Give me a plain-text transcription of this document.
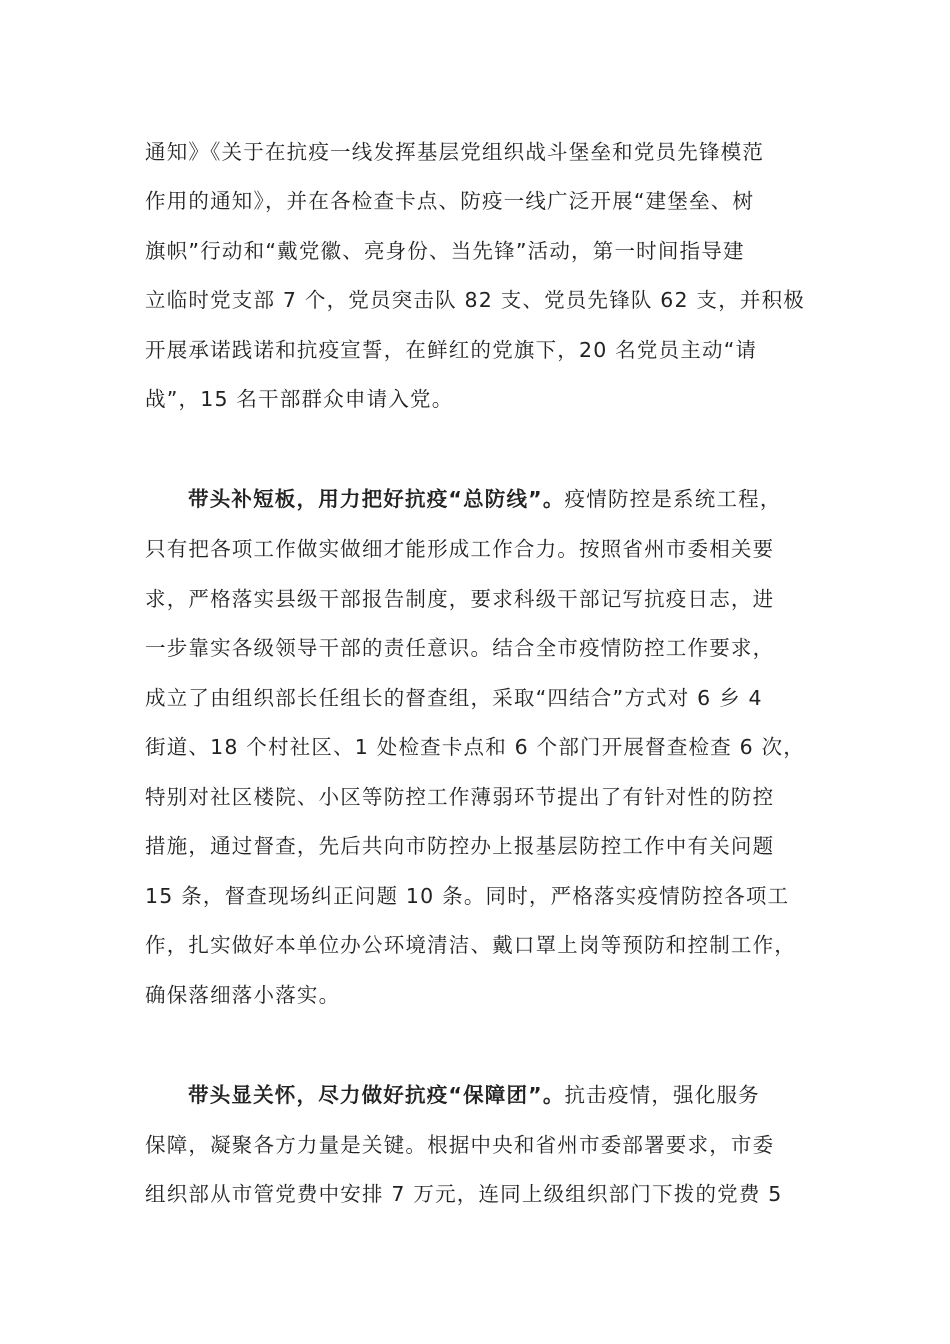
通知》《关于在抗疫一线发挥基层党组织战斗堡垒和党员先锋模范

作用的通知》，并在各检查卡点、防疫一线广泛开展“建堡垒、树

旗帜”行动和“戴党徽、亮身份、当先锋”活动，第一时间指导建

立临时党支部 7 个，党员突击队 82 支、党员先锋队 62 支，并积极

开展承诺践诺和抗疫宣誓，在鲜红的党旗下，20 名党员主动“请

战”，15 名干部群众申请入党。

带头补短板，用力把好抗疫“总防线”。疫情防控是系统工程，

只有把各项工作做实做细才能形成工作合力。按照省州市委相关要

求，严格落实县级干部报告制度，要求科级干部记写抗疫日志，进

一步靠实各级领导干部的责任意识。结合全市疫情防控工作要求，

成立了由组织部长任组长的督查组，采取“四结合”方式对 6 乡 4

街道、18 个村社区、1 处检查卡点和 6 个部门开展督查检查 6 次，

特别对社区楼院、小区等防控工作薄弱环节提出了有针对性的防控

措施，通过督查，先后共向市防控办上报基层防控工作中有关问题

15 条，督查现场纠正问题 10 条。同时，严格落实疫情防控各项工

作，扎实做好本单位办公环境清洁、戴口罩上岗等预防和控制工作，

确保落细落小落实。

带头显关怀，尽力做好抗疫“保障团”。抗击疫情，强化服务

保障，凝聚各方力量是关键。根据中央和省州市委部署要求，市委

组织部从市管党费中安排 7 万元，连同上级组织部门下拨的党费 5
